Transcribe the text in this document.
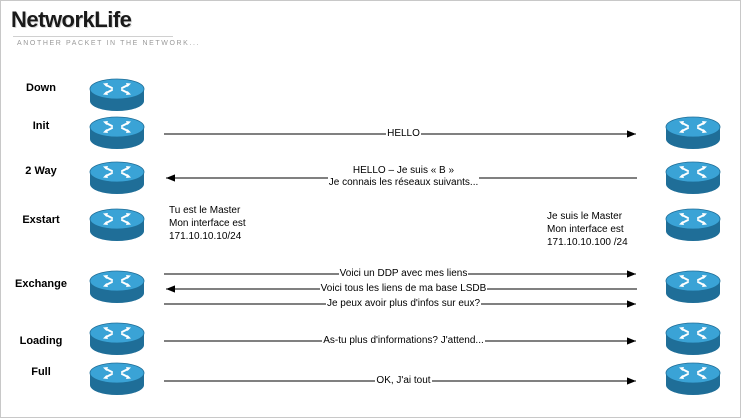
NetworkLife
ANOTHER PACKET IN THE NETWORK...
Down
Init
2 Way
Exstart
Exchange
Loading
Full
HELLO
HELLO – Je suis « B »
Je connais les réseaux suivants...
Voici un DDP avec mes liens
Voici tous les liens de ma base LSDB
Je peux avoir plus d'infos sur eux?
As-tu plus d'informations? J'attend...
OK, J'ai tout
Tu est le Master
Mon interface est
171.10.10.10/24
Je suis le Master
Mon interface est
171.10.10.100 /24
